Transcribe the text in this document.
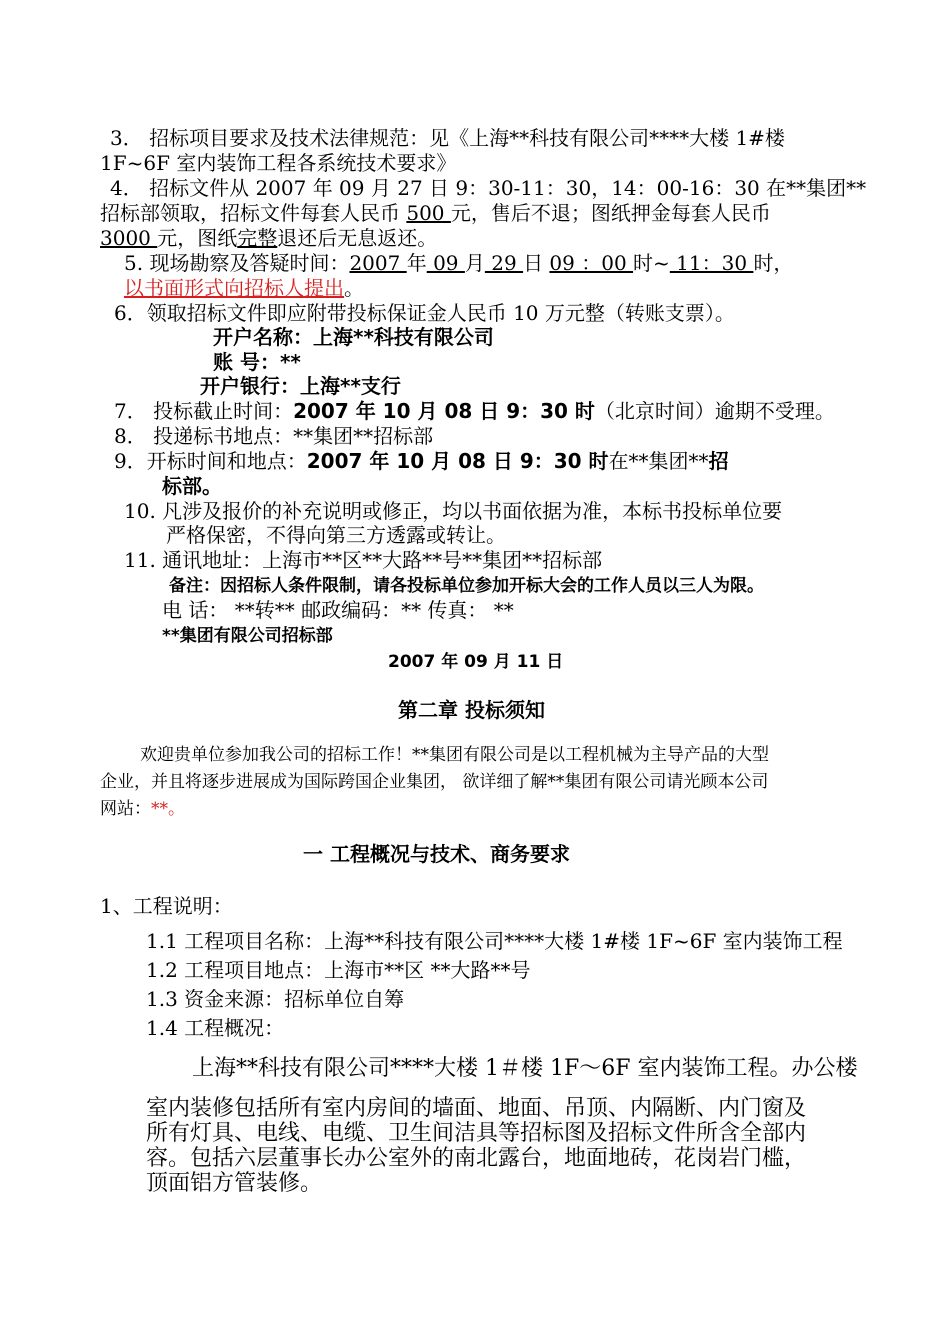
3． 招标项目要求及技术法律规范：见《上海**科技有限公司****大楼 1#楼
1F~6F 室内装饰工程各系统技术要求》
4． 招标文件从 2007 年 09 月 27 日 9：30-11：30，14：00-16：30 在**集团**
招标部领取，招标文件每套人民币 500 元，售后不退；图纸押金每套人民币
3000 元，图纸完整退还后无息返还。
5. 现场勘察及答疑时间：2007 年 09 月 29 日 09 ：00 时~ 11：30 时，
以书面形式向招标人提出。
6．领取招标文件即应附带投标保证金人民币 10 万元整（转账支票）。
开户名称：上海**科技有限公司
账 号：**
开户银行：上海**支行
7． 投标截止时间：2007 年 10 月 08 日 9：30 时（北京时间）逾期不受理。
8． 投递标书地点：**集团**招标部
9．开标时间和地点：2007 年 10 月 08 日 9：30 时在**集团**招
标部。
10. 凡涉及报价的补充说明或修正，均以书面依据为准，本标书投标单位要
严格保密，不得向第三方透露或转让。
11. 通讯地址：上海市**区**大路**号**集团**招标部
备注：因招标人条件限制，请各投标单位参加开标大会的工作人员以三人为限。
电 话： **转** 邮政编码：** 传真： **
**集团有限公司招标部
2007 年 09 月 11 日
第二章 投标须知
欢迎贵单位参加我公司的招标工作！**集团有限公司是以工程机械为主导产品的大型
企业，并且将逐步进展成为国际跨国企业集团， 欲详细了解**集团有限公司请光顾本公司
网站：**。
一 工程概况与技术、商务要求
1、工程说明：
1.1 工程项目名称：上海**科技有限公司****大楼 1#楼 1F~6F 室内装饰工程
1.2 工程项目地点：上海市**区 **大路**号
1.3 资金来源：招标单位自筹
1.4 工程概况：
上海**科技有限公司****大楼 1＃楼 1F～6F 室内装饰工程。办公楼
室内装修包括所有室内房间的墙面、地面、吊顶、内隔断、内门窗及
所有灯具、电线、电缆、卫生间洁具等招标图及招标文件所含全部内
容。包括六层董事长办公室外的南北露台，地面地砖，花岗岩门槛，
顶面铝方管装修。
